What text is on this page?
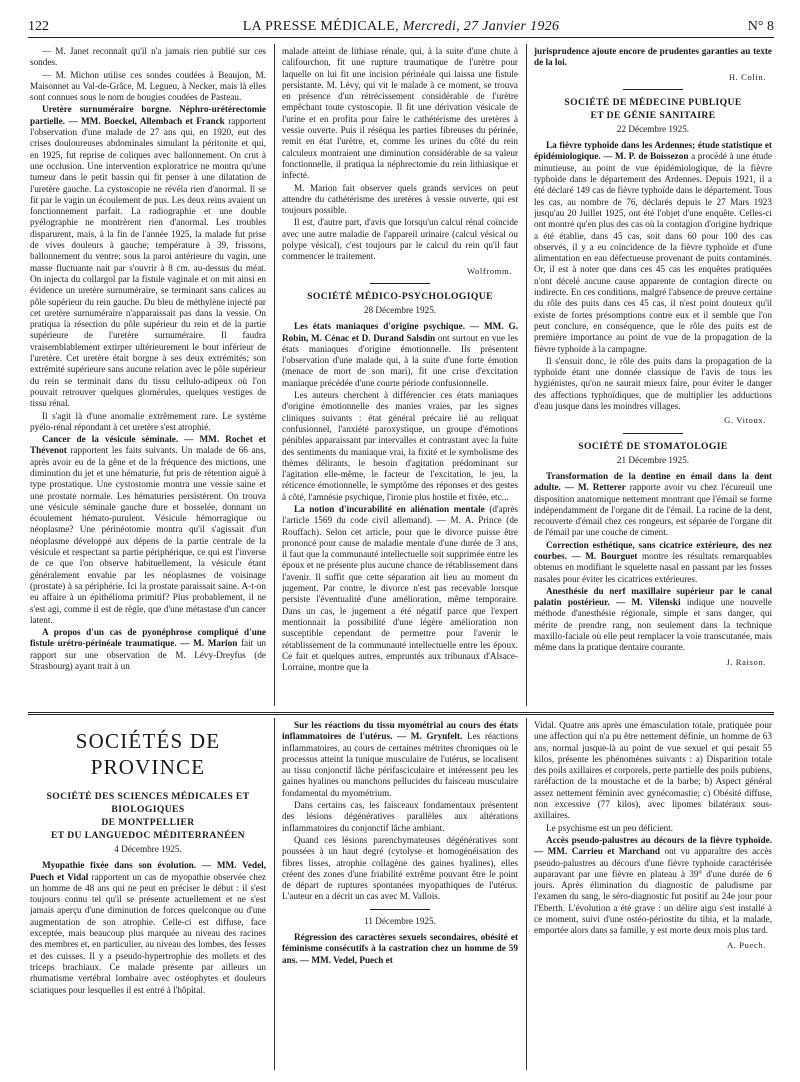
122	LA PRESSE MÉDICALE, Mercredi, 27 Janvier 1926	N° 8

— M. Janet reconnaît qu'il n'a jamais rien publié sur ces sondes.

— M. Michon utilise ces sondes coudées à Beaujon, M. Maisonnet au Val-de-Grâce, M. Legueu, à Necker, mais là elles sont connues sous le nom de bougies coudées de Pasteau.

Uretère surnuméraire borgne. Néphro-urétérectomie partielle. — MM. Boeckel, Allembach et Franck rapportent l'observation d'une malade de 27 ans qui, en 1920, eut des crises douloureuses abdominales simulant la péritonite et qui, en 1925, fut reprise de coliques avec ballonnement. On crut à une occlusion. Une intervention exploratrice ne montra qu'une tumeur dans le petit bassin qui fit penser à une dilatation de l'uretère gauche. La cystoscopie ne révéla rien d'anormal. Il se fit par le vagin un écoulement de pus. Les deux reins avaient un fonctionnement parfait. La radiographie et une double pyélographie ne montrèrent rien d'anormal. Les troubles disparurent, mais, à la fin de l'année 1925, la malade fut prise de vives douleurs à gauche; température à 39, frissons, ballonnement du ventre; sous la paroi antérieure du vagin, une masse fluctuante nait par s'ouvrir à 8 cm. au-dessus du méat. On injecta du collargol par la fistule vaginale et on mit ainsi en évidence un uretère surnuméraire, se terminant sans calices au pôle supérieur du rein gauche. Du bleu de méthylène injecté par cet uretère surnuméraire n'apparaissait pas dans la vessie. On pratiqua la résection du pôle supérieur du rein et de la partie supérieure de l'uretère surnuméraire. Il faudra vraisemblablement extirper ultérieurement le bout inférieur de l'uretère. Cet uretère était borgne à ses deux extrémités; son extrémité supérieure sans aucune relation avec le pôle supérieur du rein se terminait dans du tissu cellulo-adipeux où l'on pouvait retrouver quelques glomérules, quelques vestiges de tissu rénal.

Il s'agit là d'une anomalie extrêmement rare. Le système pyélo-rénal répondant à cet uretère s'est atrophié.

Cancer de la vésicule séminale. — MM. Rochet et Thévenot rapportent les faits suivants. Un malade de 66 ans, après avoir eu de la gêne et de la fréquence des mictions, une diminution du jet et une hématurie, fut pris de rétention aiguë à type prostatique. Une cystostomie montra une vessie saine et une prostate normale. Les hématuries persistèrent. On trouva une vésicule séminale gauche dure et bosselée, donnant un écoulement hémato-purulent. Vésicule hémorragique ou néoplasme? Une périnéotomie montra qu'il s'agissait d'un néoplasme développé aux dépens de la partie centrale de la vésicule et respectant sa partie périphérique, ce qui est l'inverse de ce que l'on observe habituellement, la vésicule étant généralement envahie par les néoplasmes de voisinage (prostate) à sa périphérie. Ici la prostate paraissait saine. A-t-on eu affaire à un épithélioma primitif? Plus probablement, il ne s'est agi, comme il est de règle, que d'une métastase d'un cancer latent.

A propos d'un cas de pyonéphrose compliqué d'une fistule urétro-périnéale traumatique. — M. Marion fait un rapport sur une observation de M. Lévy-Dreyfus (de Strasbourg) ayant trait à un

malade atteint de lithiase rénale, qui, à la suite d'une chute à califourchon, fit une rupture traumatique de l'urètre pour laquelle on lui fit une incision périnéale qui laissa une fistule persistante. M. Lévy, qui vit le malade à ce moment, se trouva en présence d'un rétrécissement considérable de l'urètre empêchant toute cystoscopie. Il fit une dérivation vésicale de l'urine et en profita pour faire le cathétérisme des uretères à vessie ouverte. Puis il réséqua les parties fibreuses du périnée, remit en état l'urètre, et, comme les urines du côté du rein calculeux montraient une diminution considérable de sa valeur fonctionnelle, il pratiqua la néphrectomie du rein lithiasique et infecté.

M. Marion fait observer quels grands services on peut attendre du cathétérisme des uretères à vessie ouverte, qui est toujours possible.

Il est, d'autre part, d'avis que lorsqu'un calcul rénal coïncide avec une autre maladie de l'appareil urinaire (calcul vésical ou polype vésical), c'est toujours par le calcul du rein qu'il faut commencer le traitement.

Wolfromm.
SOCIÉTÉ MÉDICO-PSYCHOLOGIQUE
28 Décembre 1925.

Les états maniaques d'origine psychique. — MM. G. Robin, M. Cénac et D. Durand Salsdin ont surtout en vue les états maniaques d'origine émotionnelle. Ils présentent l'observation d'une malade qui, à la suite d'une forte émotion (menace de mort de son mari), fit une crise d'excitation maniaque précédée d'une courte période confusionnelle.

Les auteurs cherchent à différencier ces états maniaques d'origine émotionnelle des manies vraies, par les signes cliniques suivants : état général précaire lié au reliquat confusionnel, l'anxiété paroxystique, un groupe d'émotions pénibles apparaissant par intervalles et contrastant avec la fuite des sentiments du maniaque vrai, la fixité et le symbolisme des thèmes délirants, le besoin d'agitation prédominant sur l'agitation elle-même, le facteur de l'excitation, le jeu, la réticence émotionnelle, le symptôme des réponses et des gestes à côté, l'amnésie psychique, l'ironie plus hostile et fixée, etc...

La notion d'incurabilité en aliénation mentale (d'après l'article 1569 du code civil allemand). — M. A. Prince (de Rouffach). Selon cet article, pour que le divorce puisse être prononcé pour cause de maladie mentale d'une durée de 3 ans, il faut que la communauté intellectuelle soit supprimée entre les époux et ne présente plus aucune chance de rétablissement dans l'avenir. Il suffit que cette séparation ait lieu au moment du jugement. Par contre, le divorce n'est pas recevable lorsque persiste l'éventualité d'une amélioration, même temporaire. Dans un cas, le jugement a été négatif parce que l'expert mentionnait la possibilité d'une légère amélioration non susceptible cependant de permettre pour l'avenir le rétablissement de la communauté intellectuelle entre les époux. Ce fait et quelques autres, empruntés aux tribunaux d'Alsace-Lorraine, montre que la

jurisprudence ajoute encore de prudentes garanties au texte de la loi.

H. Colin.
SOCIÉTÉ DE MÉDECINE PUBLIQUE
ET DE GÉNIE SANITAIRE
22 Décembre 1925.

La fièvre typhoïde dans les Ardennes; étude statistique et épidémiologique. — M. P. de Boissezon a procédé à une étude minutieuse, au point de vue épidémiologique, de la fièvre typhoïde dans le département des Ardennes. Depuis 1921, il a été déclaré 149 cas de fièvre typhoïde dans le département. Tous les cas, au nombre de 76, déclarés depuis le 27 Mars 1923 jusqu'au 20 Juillet 1925, ont été l'objet d'une enquête. Celles-ci ont montré qu'en plus des cas où la contagion d'origine hydrique a été établie, dans 45 cas, soit dans 60 pour 100 des cas observés, il y a eu coïncidence de la fièvre typhoïde et d'une alimentation en eau défectueuse provenant de puits contaminés. Or, il est à noter que dans ces 45 cas les enquêtes pratiquées n'ont décelé aucune cause apparente de contagion directe ou indirecte. En ces conditions, malgré l'absence de preuve certaine du rôle des puits dans ces 45 cas, il n'est point douteux qu'il existe de fortes présomptions contre eux et il semble que l'on peut conclure, en conséquence, que le rôle des puits est de première importance au point de vue de la propagation de la fièvre typhoïde à la campagne.

Il s'ensuit donc, le rôle des puits dans la propagation de la typhoïde étant une donnée classique de l'avis de tous les hygiénistes, qu'on ne saurait mieux faire, pour éviter le danger des affections typhoïdiques, que de multiplier les adductions d'eau jusque dans les moindres villages.

G. Vitoux.
SOCIÉTÉ DE STOMATOLOGIE
21 Décembre 1925.

Transformation de la dentine en émail dans la dent adulte. — M. Retterer rapporte avoir vu chez l'écureuil une disposition anatomique nettement montrant que l'émail se forme indépendamment de l'organe dit de l'émail. La racine de la dent, recouverte d'émail chez ces rongeurs, est séparée de l'organe dit de l'émail par une couche de ciment.

Correction esthétique, sans cicatrice extérieure, des nez courbes. — M. Bourguet montre les résultats remarquables obtenus en modifiant le squelette nasal en passant par les fosses nasales pour éviter les cicatrices extérieures.

Anesthésie du nerf maxillaire supérieur par le canal palatin postérieur. — M. Vilenski indique une nouvelle méthode d'anesthésie régionale, simple et sans danger, qui mérite de prendre rang, non seulement dans la technique maxillo-faciale où elle peut remplacer la voie transcutanée, mais même dans la pratique dentaire courante.

J. Raison.
SOCIÉTÉS DE PROVINCE
SOCIÉTÉ DES SCIENCES MÉDICALES ET BIOLOGIQUES
DE MONTPELLIER
ET DU LANGUEDOC MÉDITERRANÉEN
4 Décembre 1925.

Myopathie fixée dans son évolution. — MM. Vedel, Puech et Vidal rapportent un cas de myopathie observée chez un homme de 48 ans qui ne peut en préciser le début : il s'est toujours connu tel qu'il se présente actuellement et ne s'est jamais aperçu d'une diminution de forces quelconque ou d'une augmentation de son atrophie. Celle-ci est diffuse, face exceptée, mais beaucoup plus marquée au niveau des racines des membres et, en particulier, au niveau des lombes, des fesses et des cuisses. Il y a pseudo-hypertrophie des mollets et des triceps brachiaux. Ce malade présente par ailleurs un rhumatisme vertébral lombaire avec ostéophytes et douleurs sciatiques pour lesquelles il est entré à l'hôpital.

Sur les réactions du tissu myométrial au cours des états inflammatoires de l'utérus. — M. Grynfelt. Les réactions inflammatoires, au cours de certaines métrites chroniques où le processus atteint la tunique musculaire de l'utérus, se localisent au tissu conjonctif lâche périfasciculaire et intéressent peu les gaines hyalines ou manchons pellucides du faisceau musculaire fondamental du myométrium.

Dans certains cas, les faisceaux fondamentaux présentent des lésions dégénératives parallèles aux altérations inflammatoires du conjonctif lâche ambiant.

Quand ces lésions parenchymateuses dégénératives sont poussées à un haut degré (cytolyse et homogénéisation des fibres lisses, atrophie collagène des gaines hyalines), elles créent des zones d'une friabilité extrême pouvant être le point de départ de ruptures spontanées myopathiques de l'utérus. L'auteur en a décrit un cas avec M. Vallois.

11 Décembre 1925.

Régression des caractères sexuels secondaires, obésité et féminisme consécutifs à la castration chez un homme de 59 ans. — MM. Vedel, Puech et

Vidal. Quatre ans après une émasculation totale, pratiquée pour une affection qui n'a pu être nettement définie, un homme de 63 ans, normal jusque-là au point de vue sexuel et qui pesait 55 kilos, présente les phénomènes suivants : a) Disparition totale des poils axillaires et corporels, perte partielle des poils pubiens, raréfaction de la moustache et de la barbe; b) Aspect général assez nettement féminin avec gynécomastie; c) Obésité diffuse, non excessive (77 kilos), avec lipomes bilatéraux sous-axillaires.

Le psychisme est un peu déficient.

Accès pseudo-palustres au décours de la fièvre typhoïde. — MM. Carrieu et Marchand ont vu apparaître des accès pseudo-palustres au décours d'une fièvre typhoïde caractérisée auparavant par une fièvre en plateau à 39° d'une durée de 6 jours. Après élimination du diagnostic de paludisme par l'examen du sang, le séro-diagnostic fut positif au 24e jour pour l'Eberth. L'évolution a été grave : un délire aigu s'est installé à ce moment, suivi d'une ostéo-périostite du tibia, et la malade, emportée alors dans sa famille, y est morte deux mois plus tard.

A. Puech.
